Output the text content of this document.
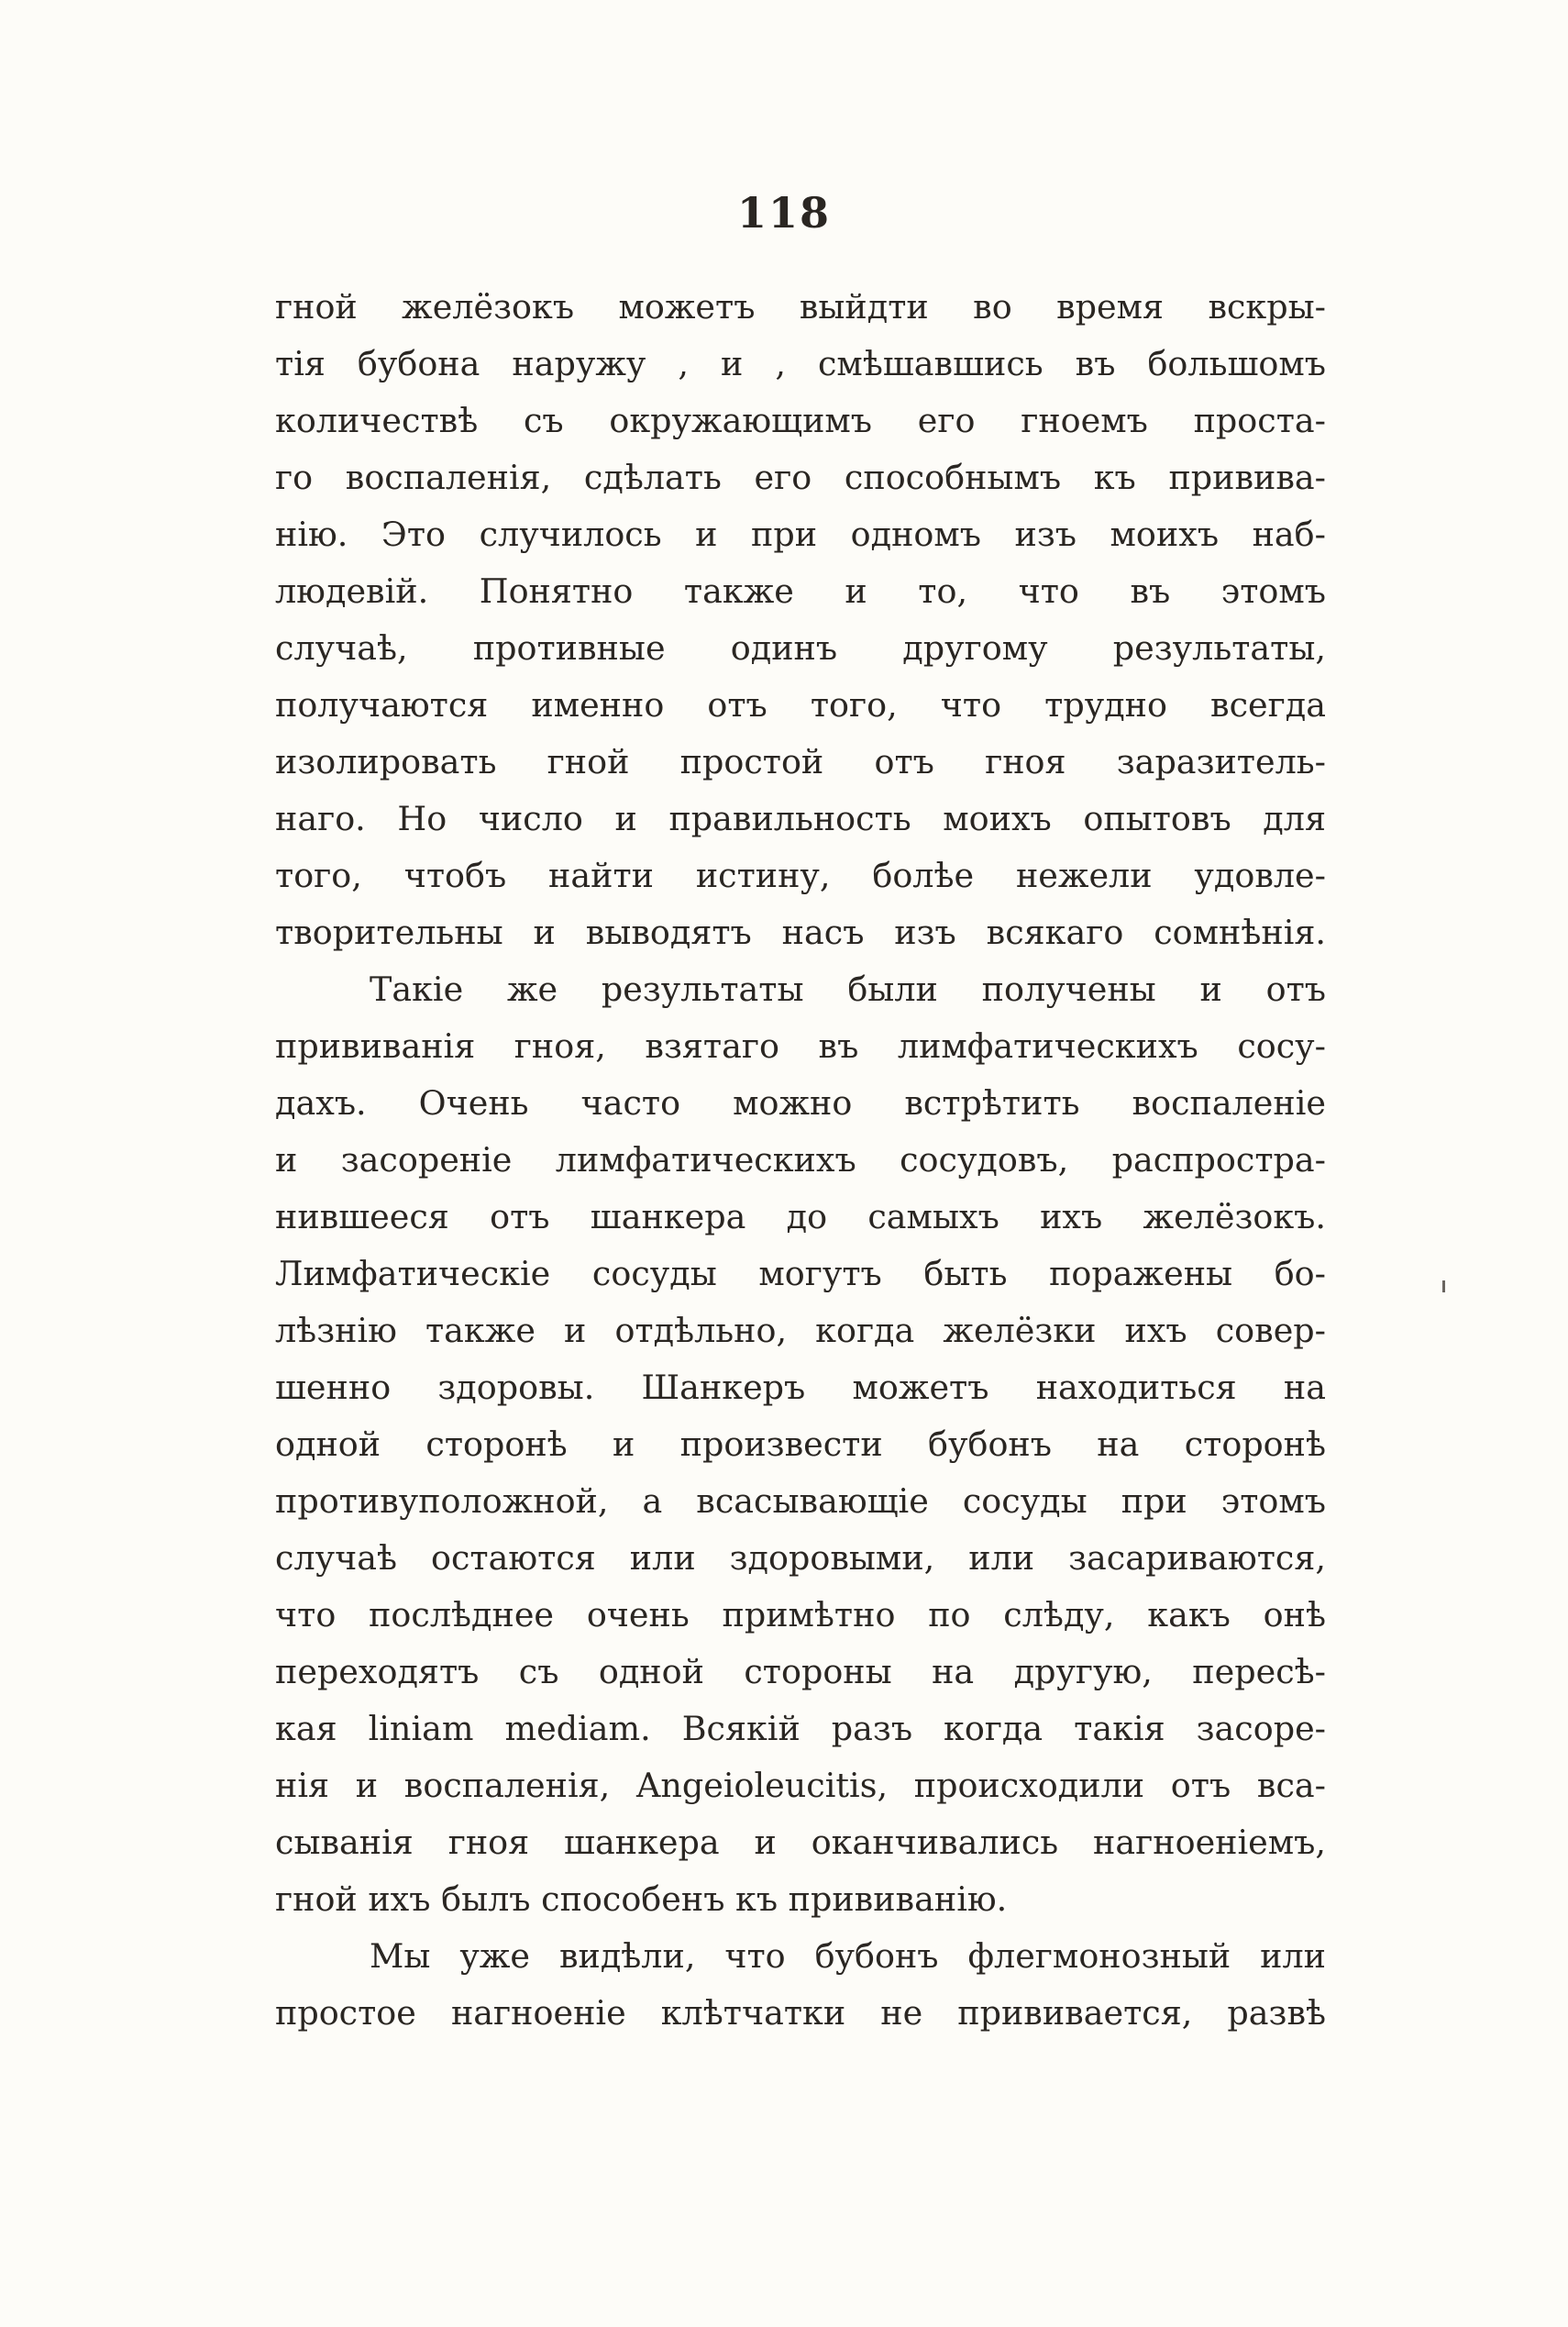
118
гной желёзокъ можетъ выйдти во время вскры-
тія бубона наружу , и , смѣшавшись въ большомъ
количествѣ съ окружающимъ его гноемъ проста-
го воспаленія, сдѣлать его способнымъ къ привива-
нію. Это случилось и при одномъ изъ моихъ наб-
людевій. Понятно также и то, что въ этомъ
случаѣ, противные одинъ другому результаты,
получаются именно отъ того, что трудно всегда
изолировать гной простой отъ гноя заразитель-
наго. Но число и правильность моихъ опытовъ для
того, чтобъ найти истину, болѣе нежели удовле-
творительны и выводятъ насъ изъ всякаго сомнѣнія.
Такіе же результаты были получены и отъ
прививанія гноя, взятаго въ лимфатическихъ сосу-
дахъ. Очень часто можно встрѣтить воспаленіе
и засореніе лимфатическихъ сосудовъ, распростра-
нившееся отъ шанкера до самыхъ ихъ желёзокъ.
Лимфатическіе сосуды могутъ быть поражены бо-
лѣзнію также и отдѣльно, когда желёзки ихъ совер-
шенно здоровы. Шанкеръ можетъ находиться на
одной сторонѣ и произвести бубонъ на сторонѣ
противуположной, а всасывающіе сосуды при этомъ
случаѣ остаются или здоровыми, или засариваются,
что послѣднее очень примѣтно по слѣду, какъ онѣ
переходятъ съ одной стороны на другую, пересѣ-
кая liniam mediam. Всякій разъ когда такія засоре-
нія и воспаленія, Angeioleucitis, происходили отъ вса-
сыванія гноя шанкера и оканчивались нагноеніемъ,
гной ихъ былъ способенъ къ прививанію.
Мы уже видѣли, что бубонъ флегмонозный или
простое нагноеніе клѣтчатки не прививается, развѣ
